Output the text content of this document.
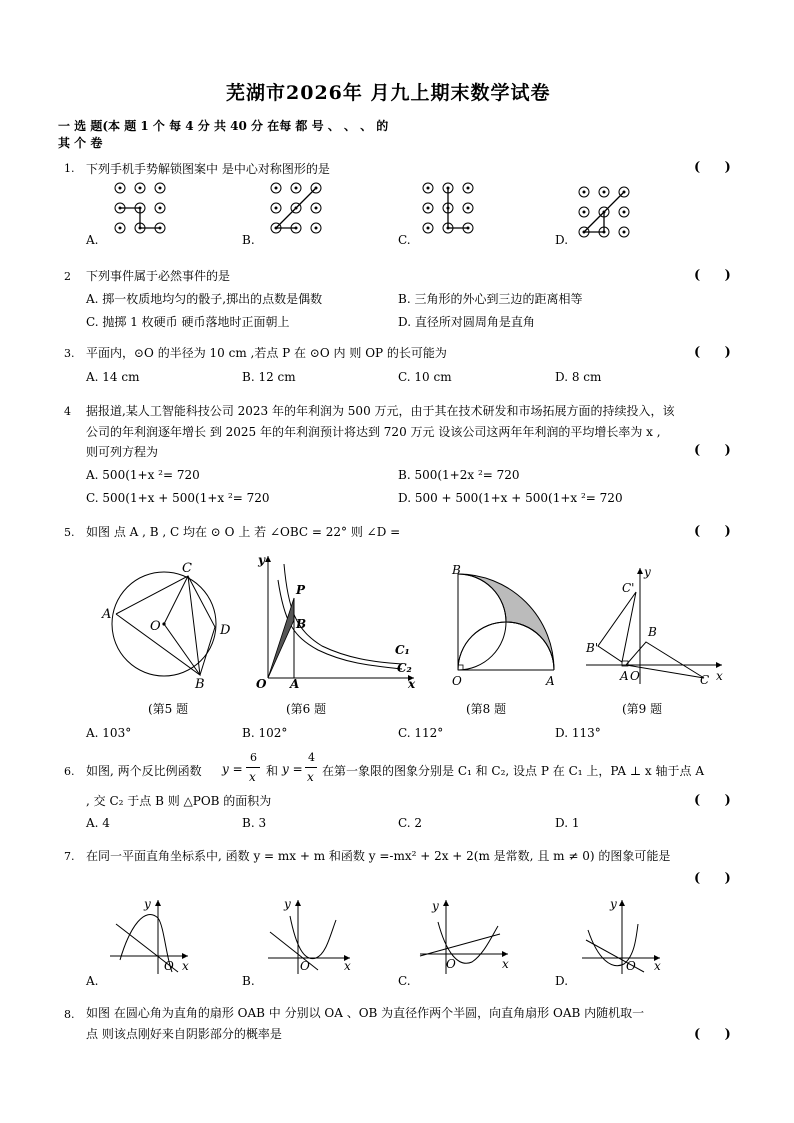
芜湖市2026年 月九上期末数学试卷
一 选 题(本 题 1 个 每 4 分 共 40 分 在每 都 号 、 、 、 的
其 个 卷
1. 下列手机手势解锁图案中 是中心对称图形的是	( )
A.	B.	C.	D.
2 下列事件属于必然事件的是	( )
A. 掷一枚质地均匀的骰子,掷出的点数是偶数	B. 三角形的外心到三边的距离相等
C. 抛掷 1 枚硬币 硬币落地时正面朝上	D. 直径所对圆周角是直角
3. 平面内，⊙O 的半径为 10 cm ,若点 P 在 ⊙O 内 则 OP 的长可能为	( )
A. 14 cm	B. 12 cm	C. 10 cm	D. 8 cm
4 据报道,某人工智能科技公司 2023 年的年利润为 500 万元，由于其在技术研发和市场拓展方面的持续投入，该
公司的年利润逐年增长 到 2025 年的年利润预计将达到 720 万元 设该公司这两年年利润的平均增长率为 x ,
则可列方程为	( )
A. 500(1+x ²= 720	B. 500(1+2x ²= 720
C. 500(1+x + 500(1+x ²= 720	D. 500 + 500(1+x + 500(1+x ²= 720
5. 如图 点 A , B , C 均在 ⊙ O 上 若 ∠OBC = 22° 则 ∠D =	( )
A
B
C
D
O
y
x
O A
P
B
C₁
C₂
B
O	A
y
x
C'
B'
A O
B
C
(第5 题	(第6 题	(第8 题	(第9 题
A. 103°	B. 102°	C. 112°	D. 113°
6. 如图, 两个反比例函数 y =
6
x 和 y =
4
x 在第一象限的图象分别是 C₁ 和 C₂, 设点 P 在 C₁ 上，PA ⊥ x 轴于点 A
, 交 C₂ 于点 B 则 △POB 的面积为	( )
A. 4	B. 3	C. 2	D. 1
7. 在同一平面直角坐标系中, 函数 y = mx + m 和函数 y =-mx² + 2x + 2(m 是常数, 且 m ≠ 0) 的图象可能是
( )
y
x
O
y
x
O
y
x
O
y
x
O
A.	B.	C.	D.
8. 如图 在圆心角为直角的扇形 OAB 中 分别以 OA 、OB 为直径作两个半圆，向直角扇形 OAB 内随机取一
点 则该点刚好来自阴影部分的概率是	( )
